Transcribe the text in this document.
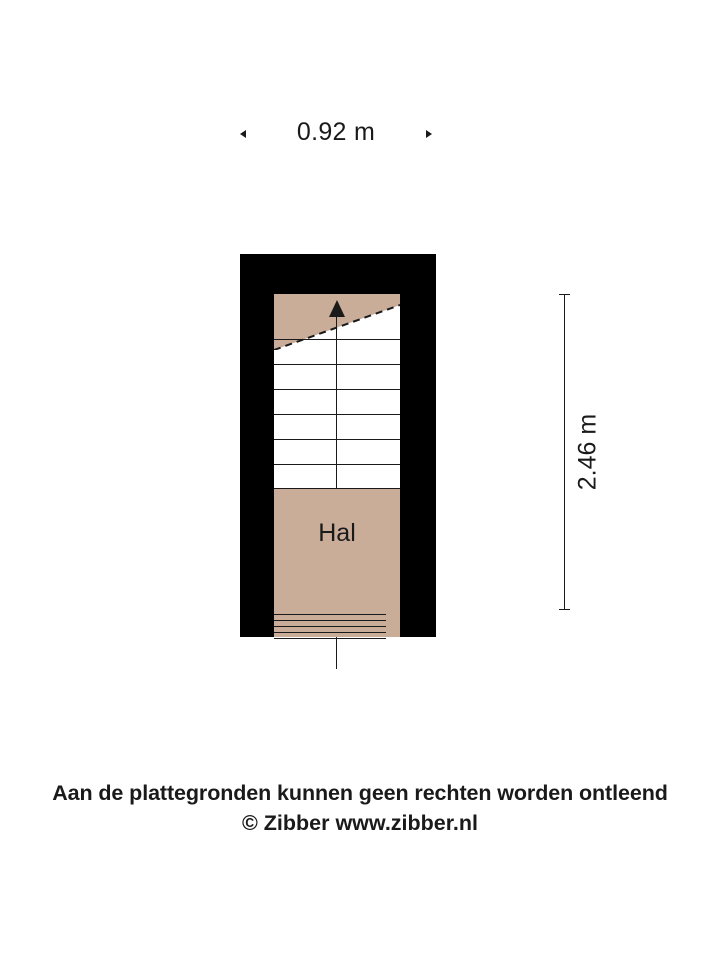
0.92 m
2.46 m
Hal
Aan de plattegronden kunnen geen rechten worden ontleend
© Zibber www.zibber.nl
